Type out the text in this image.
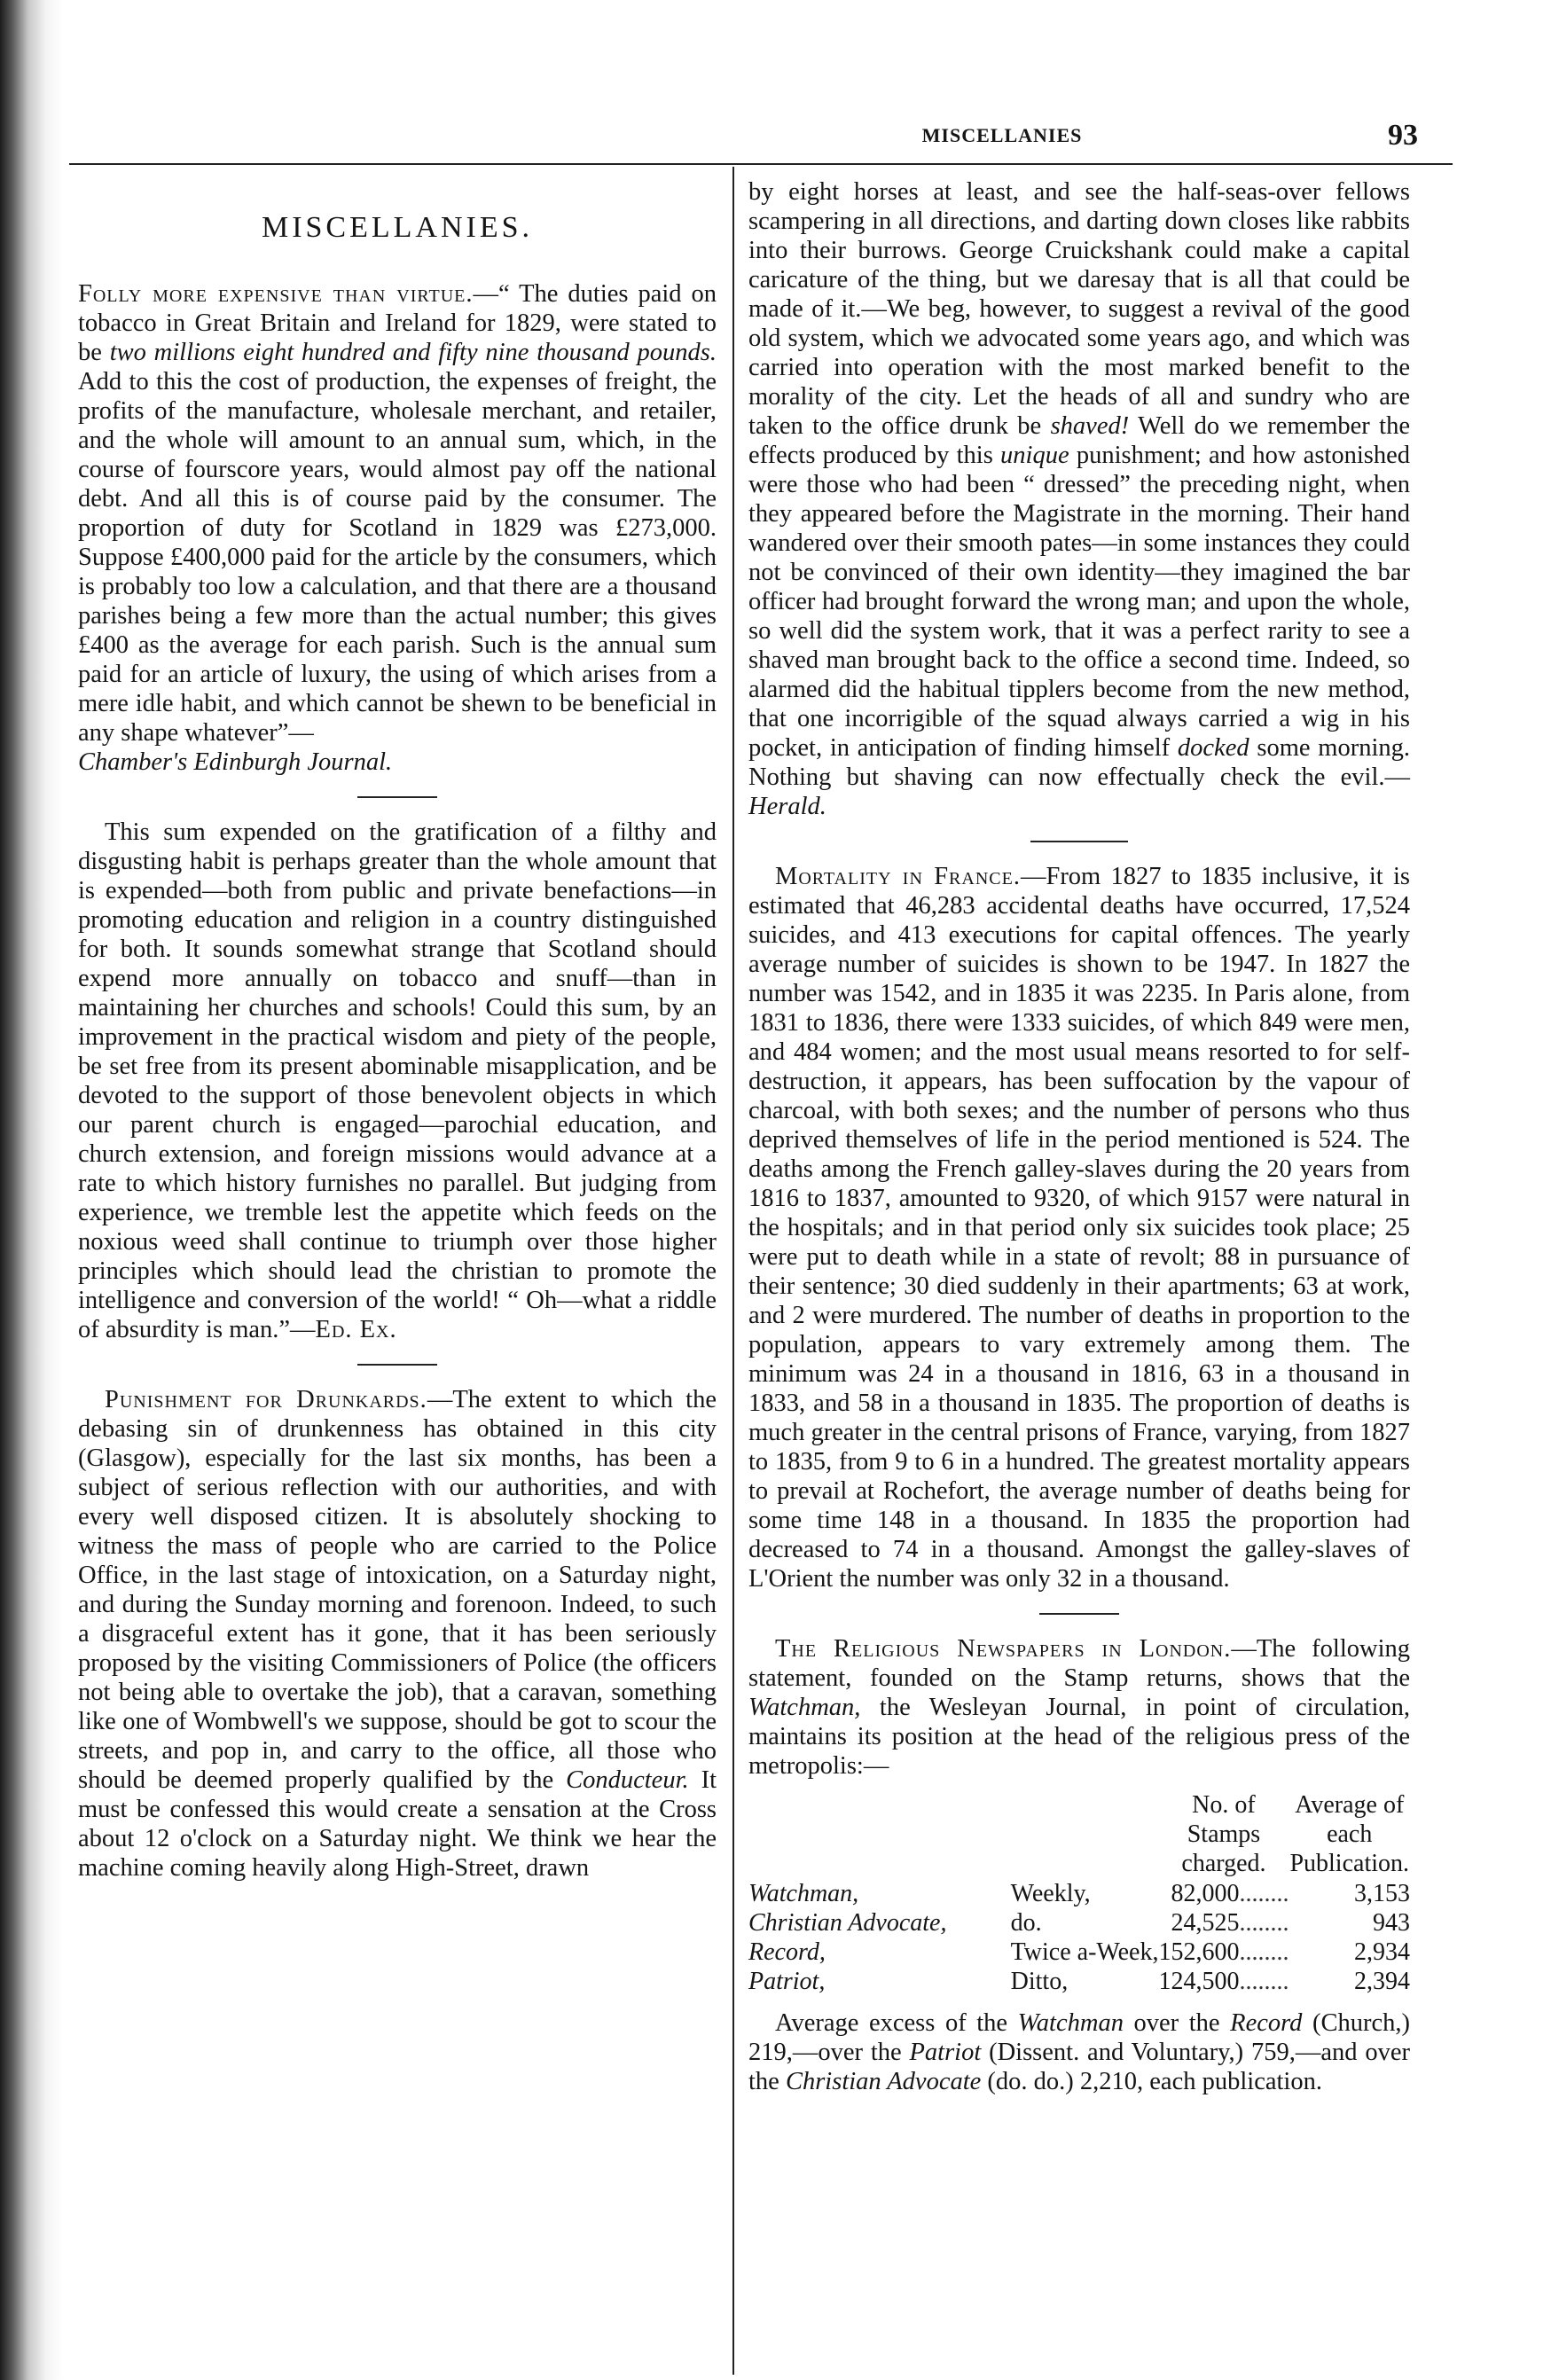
MISCELLANIES	93
MISCELLANIES.

Folly more expensive than virtue.—“ The duties paid on tobacco in Great Britain and Ireland for 1829, were stated to be two millions eight hundred and fifty nine thousand pounds. Add to this the cost of production, the expenses of freight, the profits of the manufacture, wholesale merchant, and retailer, and the whole will amount to an annual sum, which, in the course of fourscore years, would almost pay off the national debt. And all this is of course paid by the consumer. The proportion of duty for Scotland in 1829 was £273,000. Suppose £400,000 paid for the article by the consumers, which is probably too low a calculation, and that there are a thousand parishes being a few more than the actual number; this gives £400 as the average for each parish. Such is the annual sum paid for an article of luxury, the using of which arises from a mere idle habit, and which cannot be shewn to be beneficial in any shape whatever”—
Chamber's Edinburgh Journal.

This sum expended on the gratification of a filthy and disgusting habit is perhaps greater than the whole amount that is expended—both from public and private benefactions—in promoting education and religion in a country distinguished for both. It sounds somewhat strange that Scotland should expend more annually on tobacco and snuff—than in maintaining her churches and schools! Could this sum, by an improvement in the practical wisdom and piety of the people, be set free from its present abominable misapplication, and be devoted to the support of those benevolent objects in which our parent church is engaged—parochial education, and church extension, and foreign missions would advance at a rate to which history furnishes no parallel. But judging from experience, we tremble lest the appetite which feeds on the noxious weed shall continue to triumph over those higher principles which should lead the christian to promote the intelligence and conversion of the world! “ Oh—what a riddle of absurdity is man.”—Ed. Ex.

Punishment for Drunkards.—The extent to which the debasing sin of drunkenness has obtained in this city (Glasgow), especially for the last six months, has been a subject of serious reflection with our authorities, and with every well disposed citizen. It is absolutely shocking to witness the mass of people who are carried to the Police Office, in the last stage of intoxication, on a Saturday night, and during the Sunday morning and forenoon. Indeed, to such a disgraceful extent has it gone, that it has been seriously proposed by the visiting Commissioners of Police (the officers not being able to overtake the job), that a caravan, something like one of Wombwell's we suppose, should be got to scour the streets, and pop in, and carry to the office, all those who should be deemed properly qualified by the Conducteur. It must be confessed this would create a sensation at the Cross about 12 o'clock on a Saturday night. We think we hear the machine coming heavily along High-Street, drawn

by eight horses at least, and see the half-seas-over fellows scampering in all directions, and darting down closes like rabbits into their burrows. George Cruickshank could make a capital caricature of the thing, but we daresay that is all that could be made of it.—We beg, however, to suggest a revival of the good old system, which we advocated some years ago, and which was carried into operation with the most marked benefit to the morality of the city. Let the heads of all and sundry who are taken to the office drunk be shaved! Well do we remember the effects produced by this unique punishment; and how astonished were those who had been “ dressed” the preceding night, when they appeared before the Magistrate in the morning. Their hand wandered over their smooth pates—in some instances they could not be convinced of their own identity—they imagined the bar officer had brought forward the wrong man; and upon the whole, so well did the system work, that it was a perfect rarity to see a shaved man brought back to the office a second time. Indeed, so alarmed did the habitual tipplers become from the new method, that one incorrigible of the squad always carried a wig in his pocket, in anticipation of finding himself docked some morning. Nothing but shaving can now effectually check the evil.—Herald.

Mortality in France.—From 1827 to 1835 inclusive, it is estimated that 46,283 accidental deaths have occurred, 17,524 suicides, and 413 executions for capital offences. The yearly average number of suicides is shown to be 1947. In 1827 the number was 1542, and in 1835 it was 2235. In Paris alone, from 1831 to 1836, there were 1333 suicides, of which 849 were men, and 484 women; and the most usual means resorted to for self-destruction, it appears, has been suffocation by the vapour of charcoal, with both sexes; and the number of persons who thus deprived themselves of life in the period mentioned is 524. The deaths among the French galley-slaves during the 20 years from 1816 to 1837, amounted to 9320, of which 9157 were natural in the hospitals; and in that period only six suicides took place; 25 were put to death while in a state of revolt; 88 in pursuance of their sentence; 30 died suddenly in their apartments; 63 at work, and 2 were murdered. The number of deaths in proportion to the population, appears to vary extremely among them. The minimum was 24 in a thousand in 1816, 63 in a thousand in 1833, and 58 in a thousand in 1835. The proportion of deaths is much greater in the central prisons of France, varying, from 1827 to 1835, from 9 to 6 in a hundred. The greatest mortality appears to prevail at Rochefort, the average number of deaths being for some time 148 in a thousand. In 1835 the proportion had decreased to 74 in a thousand. Amongst the galley-slaves of L'Orient the number was only 32 in a thousand.

The Religious Newspapers in London.—The following statement, founded on the Stamp returns, shows that the Watchman, the Wesleyan Journal, in point of circulation, maintains its position at the head of the religious press of the metropolis:—

		No. of Stamps charged.	Average of each Publication.
Watchman,	Weekly,	82,000........	3,153
Christian Advocate,	do.	24,525........	943
Record,	Twice a-Week,	152,600........	2,934
Patriot,	Ditto,	124,500........	2,394

Average excess of the Watchman over the Record (Church,) 219,—over the Patriot (Dissent. and Voluntary,) 759,—and over the Christian Advocate (do. do.) 2,210, each publication.
